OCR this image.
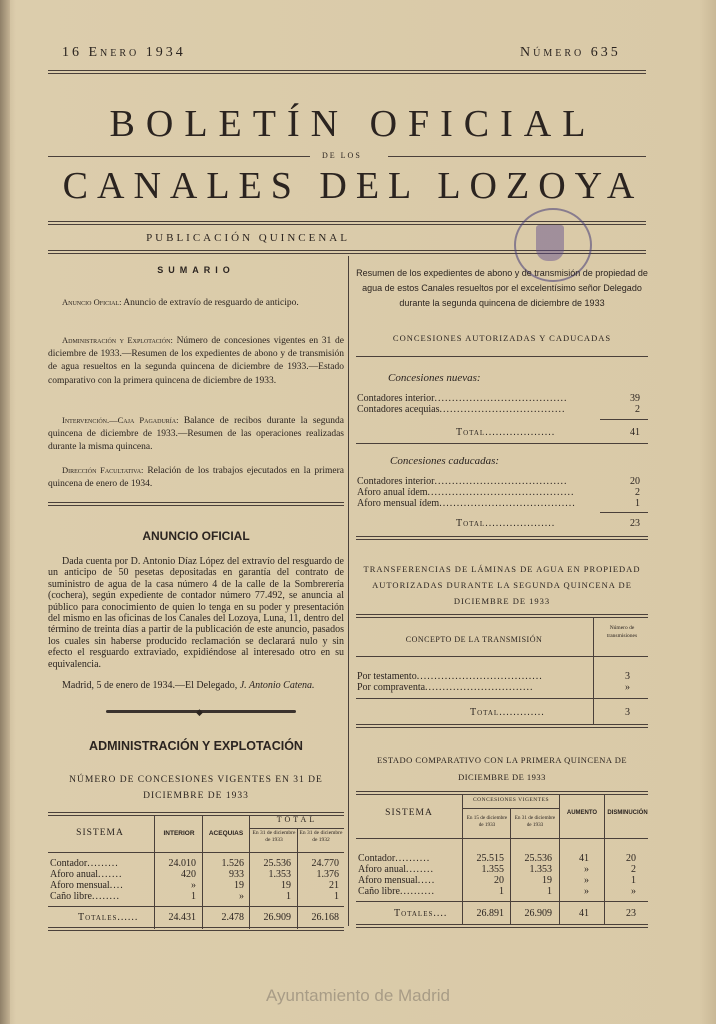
16 Enero 1934	Número 635
BOLETÍN OFICIAL
DE LOS
CANALES DEL LOZOYA
PUBLICACIÓN QUINCENAL
SUMARIO
Anuncio Oficial: Anuncio de extravío de resguardo de anticipo.
Administración y Explotación: Número de concesiones vigentes en 31 de diciembre de 1933.—Resumen de los expedientes de abono y de transmisión de agua resueltos en la segunda quincena de diciembre de 1933.—Estado comparativo con la primera quincena de diciembre de 1933.
Intervención.—Caja Pagaduría: Balance de recibos durante la segunda quincena de diciembre de 1933.—Resumen de las operaciones realizadas durante la misma quincena.
Dirección Facultativa: Relación de los trabajos ejecutados en la primera quincena de enero de 1934.
ANUNCIO OFICIAL
Dada cuenta por D. Antonio Díaz López del extravío del resguardo de un anticipo de 50 pesetas depositadas en garantía del contrato de suministro de agua de la casa número 4 de la calle de la Sombrerería (cochera), según expediente de contador número 77.492, se anuncia al público para conocimiento de quien lo tenga en su poder y presentación del mismo en las oficinas de los Canales del Lozoya, Luna, 11, dentro del término de treinta días a partir de la publicación de este anuncio, pasados los cuales sin haberse producido reclamación se declarará nulo y sin efecto el resguardo extraviado, expidiéndose al interesado otro en su equivalencia.
Madrid, 5 de enero de 1934.—El Delegado, J. Antonio Catena.
◆
ADMINISTRACIÓN Y EXPLOTACIÓN
NÚMERO DE CONCESIONES VIGENTES EN 31 DE DICIEMBRE DE 1933
SISTEMA	INTERIOR	ACEQUIAS
TOTAL
En 31 de diciembre de 1933
En 31 de diciembre de 1932
Contador.........	24.010	1.526	25.536	24.770
Aforo anual.......	420	933	1.353	1.376
Aforo mensual....	»	19	19	21
Caño libre........	1	»	1	1
Totales......	24.431	2.478	26.909	26.168
Resumen de los expedientes de abono y de transmisión de propiedad de agua de estos Canales resueltos por el excelentísimo señor Delegado durante la segunda quincena de diciembre de 1933
CONCESIONES AUTORIZADAS Y CADUCADAS
Concesiones nuevas:
Contadores interior......................................	39
Contadores acequias....................................	2
Total....................	41
Concesiones caducadas:
Contadores interior......................................	20
Aforo anual ídem..........................................	2
Aforo mensual ídem.......................................	1
Total....................	23
TRANSFERENCIAS DE LÁMINAS DE AGUA EN PROPIEDAD AUTORIZADAS DURANTE LA SEGUNDA QUINCENA DE DICIEMBRE DE 1933
CONCEPTO DE LA TRANSMISIÓN
Número de transmisiones
Por testamento....................................	3
Por compraventa...............................	»
Total.............	3
ESTADO COMPARATIVO CON LA PRIMERA QUINCENA DE DICIEMBRE DE 1933
SISTEMA
CONCESIONES VIGENTES
En 15 de diciembre de 1933
En 31 de diciembre de 1933
AUMENTO	DISMINUCIÓN
Contador..........	25.515	25.536	41	20
Aforo anual........	1.355	1.353	»	2
Aforo mensual.....	20	19	»	1
Caño libre..........	1	1	»	»
Totales....	26.891	26.909	41	23
Ayuntamiento de Madrid
